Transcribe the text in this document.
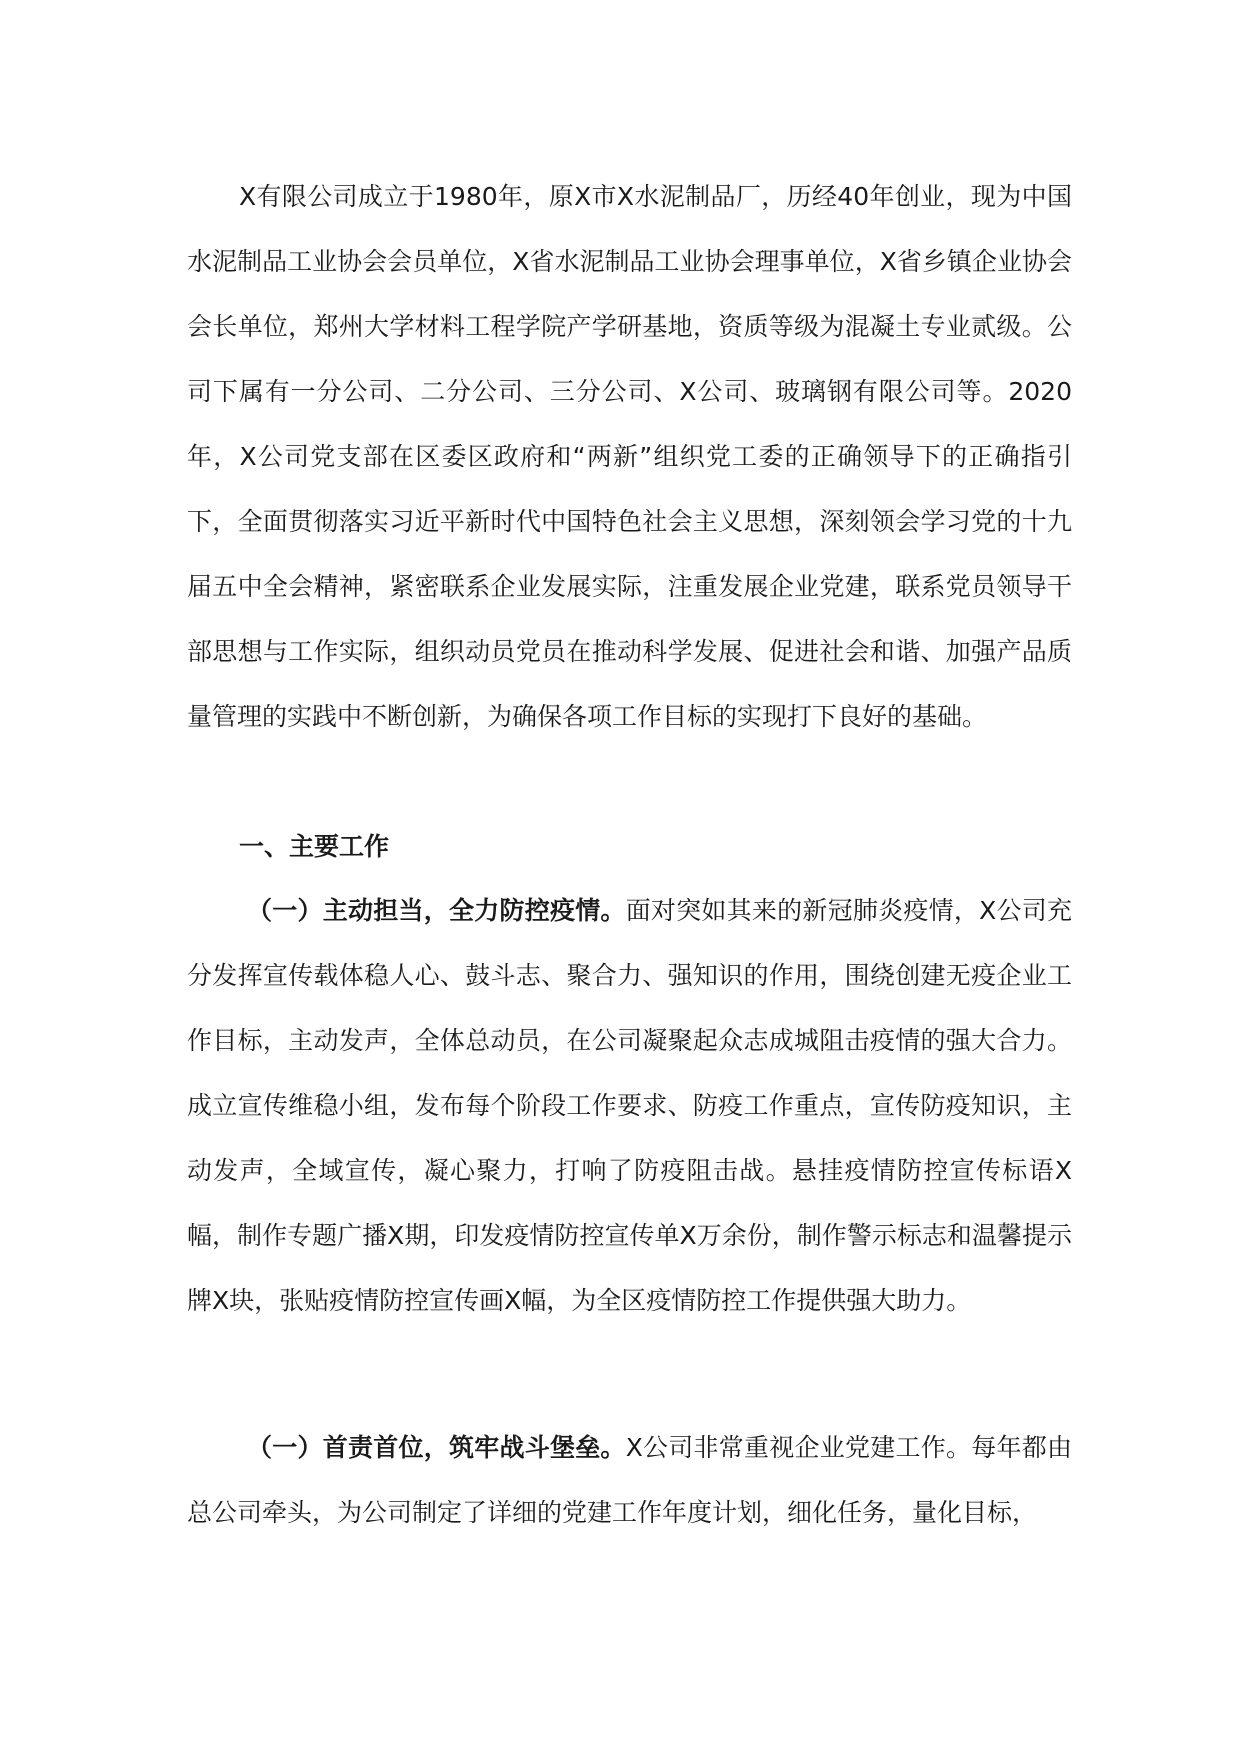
X有限公司成立于1980年，原X市X水泥制品厂，历经40年创业，现为中国水泥制品工业协会会员单位，X省水泥制品工业协会理事单位，X省乡镇企业协会会长单位，郑州大学材料工程学院产学研基地，资质等级为混凝土专业贰级。公司下属有一分公司、二分公司、三分公司、X公司、玻璃钢有限公司等。2020年，X公司党支部在区委区政府和“两新”组织党工委的正确领导下的正确指引下，全面贯彻落实习近平新时代中国特色社会主义思想，深刻领会学习党的十九届五中全会精神，紧密联系企业发展实际，注重发展企业党建，联系党员领导干部思想与工作实际，组织动员党员在推动科学发展、促进社会和谐、加强产品质量管理的实践中不断创新，为确保各项工作目标的实现打下良好的基础。

一、主要工作

（一）主动担当，全力防控疫情。面对突如其来的新冠肺炎疫情，X公司充分发挥宣传载体稳人心、鼓斗志、聚合力、强知识的作用，围绕创建无疫企业工作目标，主动发声，全体总动员，在公司凝聚起众志成城阻击疫情的强大合力。成立宣传维稳小组，发布每个阶段工作要求、防疫工作重点，宣传防疫知识，主动发声，全域宣传，凝心聚力，打响了防疫阻击战。悬挂疫情防控宣传标语X幅，制作专题广播X期，印发疫情防控宣传单X万余份，制作警示标志和温馨提示牌X块，张贴疫情防控宣传画X幅，为全区疫情防控工作提供强大助力。

（一）首责首位，筑牢战斗堡垒。X公司非常重视企业党建工作。每年都由总公司牵头，为公司制定了详细的党建工作年度计划，细化任务，量化目标，
